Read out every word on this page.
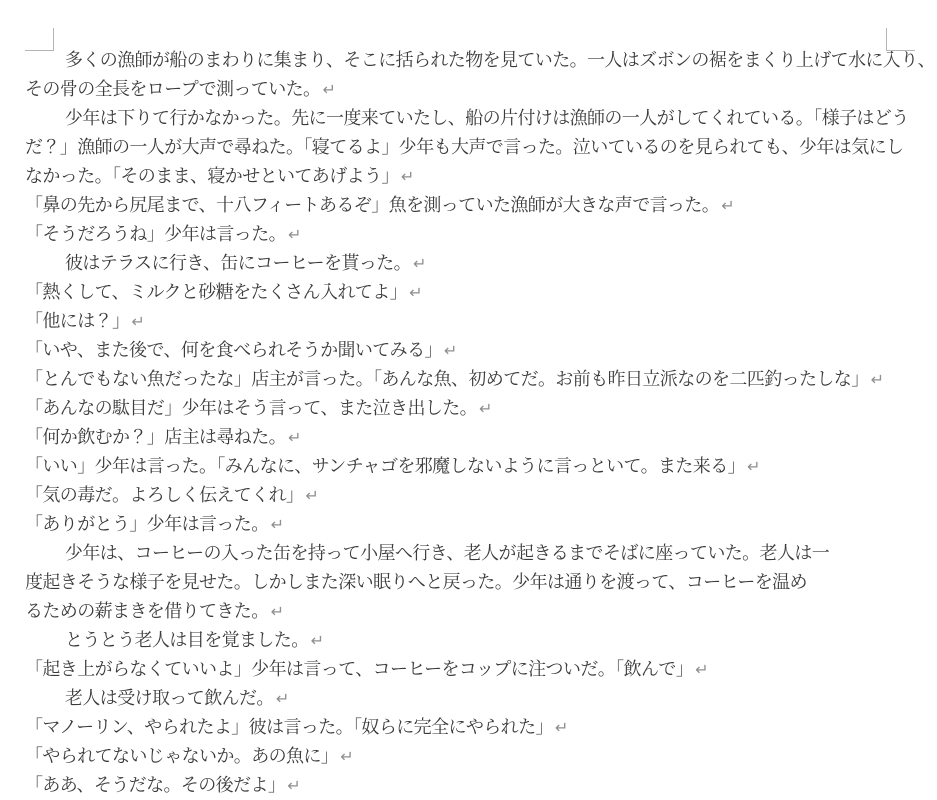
多くの漁師が船のまわりに集まり、そこに括られた物を見ていた。一人はズボンの裾をまくり上げて水に入り、
その骨の全長をロープで測っていた。 ↵
少年は下りて行かなかった。先に一度来ていたし、船の片付けは漁師の一人がしてくれている。「様子はどう
だ？」漁師の一人が大声で尋ねた。「寝てるよ」少年も大声で言った。泣いているのを見られても、少年は気にし
なかった。「そのまま、寝かせといてあげよう」 ↵
「鼻の先から尻尾まで、十八フィートあるぞ」魚を測っていた漁師が大きな声で言った。 ↵
「そうだろうね」少年は言った。 ↵
彼はテラスに行き、缶にコーヒーを貰った。 ↵
「熱くして、ミルクと砂糖をたくさん入れてよ」 ↵
「他には？」 ↵
「いや、また後で、何を食べられそうか聞いてみる」 ↵
「とんでもない魚だったな」店主が言った。「あんな魚、初めてだ。お前も昨日立派なのを二匹釣ったしな」 ↵
「あんなの駄目だ」少年はそう言って、また泣き出した。 ↵
「何か飲むか？」店主は尋ねた。 ↵
「いい」少年は言った。「みんなに、サンチャゴを邪魔しないように言っといて。また来る」 ↵
「気の毒だ。よろしく伝えてくれ」 ↵
「ありがとう」少年は言った。 ↵
少年は、コーヒーの入った缶を持って小屋へ行き、老人が起きるまでそばに座っていた。老人は一
度起きそうな様子を見せた。しかしまた深い眠りへと戻った。少年は通りを渡って、コーヒーを温め
るための薪まきを借りてきた。 ↵
とうとう老人は目を覚ました。 ↵
「起き上がらなくていいよ」少年は言って、コーヒーをコップに注ついだ。「飲んで」 ↵
老人は受け取って飲んだ。 ↵
「マノーリン、やられたよ」彼は言った。「奴らに完全にやられた」 ↵
「やられてないじゃないか。あの魚に」 ↵
「ああ、そうだな。その後だよ」 ↵
